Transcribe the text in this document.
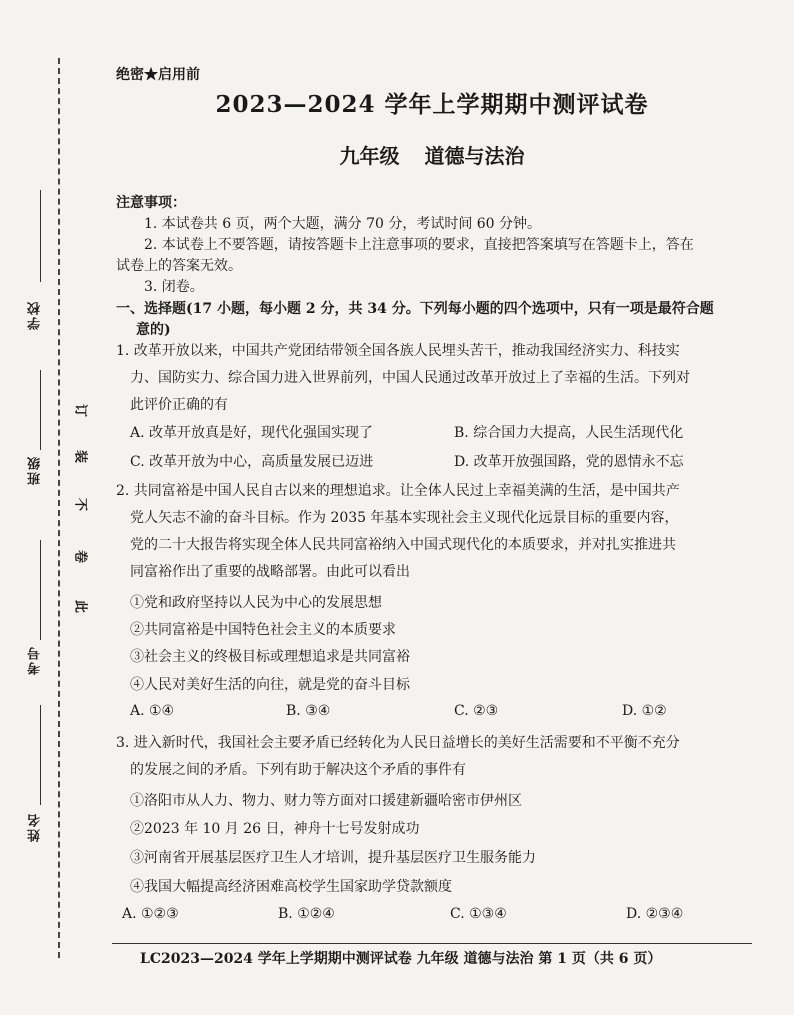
学校
班级
考号
姓名
订
装
不
卷
此
绝密★启用前
2023—2024 学年上学期期中测评试卷
九年级 道德与法治
注意事项：
1. 本试卷共 6 页，两个大题，满分 70 分，考试时间 60 分钟。
2. 本试卷上不要答题，请按答题卡上注意事项的要求，直接把答案填写在答题卡上，答在
试卷上的答案无效。
3. 闭卷。
一、选择题(17 小题，每小题 2 分，共 34 分。下列每小题的四个选项中，只有一项是最符合题
意的)
1. 改革开放以来，中国共产党团结带领全国各族人民埋头苦干，推动我国经济实力、科技实
力、国防实力、综合国力进入世界前列，中国人民通过改革开放过上了幸福的生活。下列对
此评价正确的有
A. 改革开放真是好，现代化强国实现了	B. 综合国力大提高，人民生活现代化
C. 改革开放为中心，高质量发展已迈进	D. 改革开放强国路，党的恩情永不忘
2. 共同富裕是中国人民自古以来的理想追求。让全体人民过上幸福美满的生活，是中国共产
党人矢志不渝的奋斗目标。作为 2035 年基本实现社会主义现代化远景目标的重要内容，
党的二十大报告将实现全体人民共同富裕纳入中国式现代化的本质要求，并对扎实推进共
同富裕作出了重要的战略部署。由此可以看出
①党和政府坚持以人民为中心的发展思想
②共同富裕是中国特色社会主义的本质要求
③社会主义的终极目标或理想追求是共同富裕
④人民对美好生活的向往，就是党的奋斗目标
A. ①④	B. ③④	C. ②③	D. ①②
3. 进入新时代，我国社会主要矛盾已经转化为人民日益增长的美好生活需要和不平衡不充分
的发展之间的矛盾。下列有助于解决这个矛盾的事件有
①洛阳市从人力、物力、财力等方面对口援建新疆哈密市伊州区
②2023 年 10 月 26 日，神舟十七号发射成功
③河南省开展基层医疗卫生人才培训，提升基层医疗卫生服务能力
④我国大幅提高经济困难高校学生国家助学贷款额度
A. ①②③	B. ①②④	C. ①③④	D. ②③④
LC2023—2024 学年上学期期中测评试卷 九年级 道德与法治 第 1 页（共 6 页）
